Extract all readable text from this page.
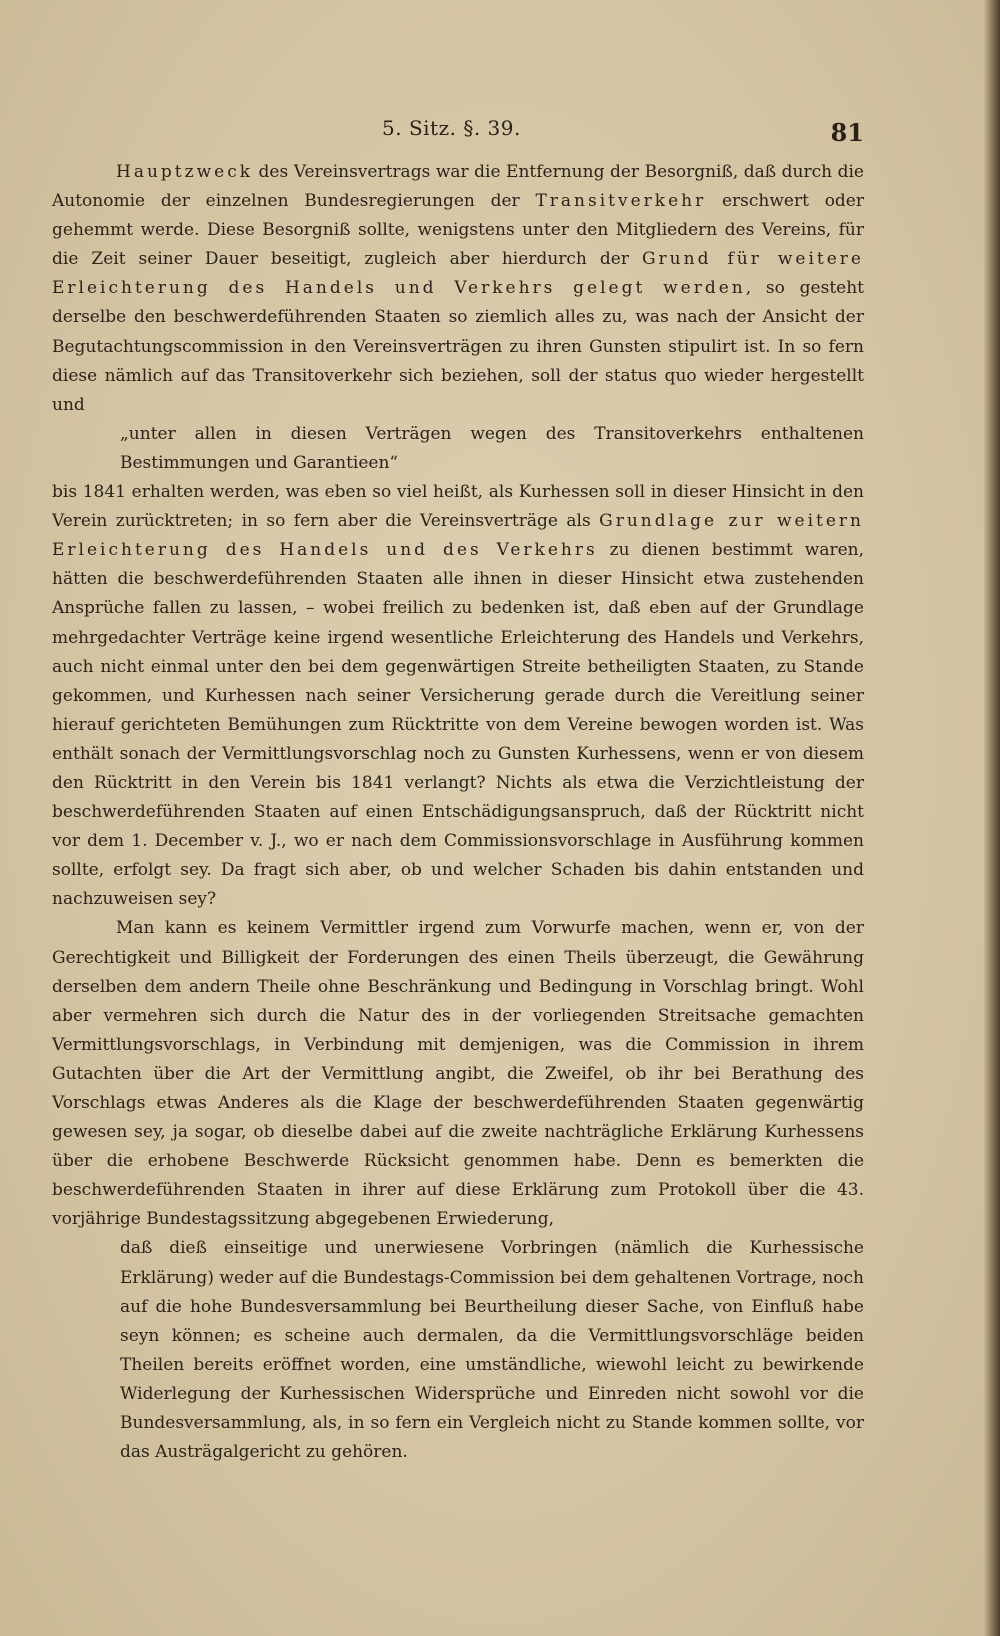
5. Sitz. §. 39.	81

Hauptzweck des Vereinsvertrags war die Entfernung der Besorgniß, daß durch die Autonomie der einzelnen Bundesregierungen der Transitverkehr erschwert oder gehemmt werde. Diese Besorgniß sollte, wenigstens unter den Mitgliedern des Vereins, für die Zeit seiner Dauer beseitigt, zugleich aber hierdurch der Grund für weitere Erleichterung des Handels und Verkehrs gelegt werden, so gesteht derselbe den beschwerdeführenden Staaten so ziemlich alles zu, was nach der Ansicht der Begutachtungscommission in den Vereinsverträgen zu ihren Gunsten stipulirt ist. In so fern diese nämlich auf das Transitoverkehr sich beziehen, soll der status quo wieder hergestellt und

„unter allen in diesen Verträgen wegen des Transitoverkehrs enthaltenen Bestimmungen und Garantieen“

bis 1841 erhalten werden, was eben so viel heißt, als Kurhessen soll in dieser Hinsicht in den Verein zurücktreten; in so fern aber die Vereinsverträge als Grundlage zur weitern Erleichterung des Handels und des Verkehrs zu dienen bestimmt waren, hätten die beschwerdeführenden Staaten alle ihnen in dieser Hinsicht etwa zustehenden Ansprüche fallen zu lassen, – wobei freilich zu bedenken ist, daß eben auf der Grundlage mehrgedachter Verträge keine irgend wesentliche Erleichterung des Handels und Verkehrs, auch nicht einmal unter den bei dem gegenwärtigen Streite betheiligten Staaten, zu Stande gekommen, und Kurhessen nach seiner Versicherung gerade durch die Vereitlung seiner hierauf gerichteten Bemühungen zum Rücktritte von dem Vereine bewogen worden ist. Was enthält sonach der Vermittlungsvorschlag noch zu Gunsten Kurhessens, wenn er von diesem den Rücktritt in den Verein bis 1841 verlangt? Nichts als etwa die Verzichtleistung der beschwerdeführenden Staaten auf einen Entschädigungsanspruch, daß der Rücktritt nicht vor dem 1. December v. J., wo er nach dem Commissionsvorschlage in Ausführung kommen sollte, erfolgt sey. Da fragt sich aber, ob und welcher Schaden bis dahin entstanden und nachzuweisen sey?

Man kann es keinem Vermittler irgend zum Vorwurfe machen, wenn er, von der Gerechtigkeit und Billigkeit der Forderungen des einen Theils überzeugt, die Gewährung derselben dem andern Theile ohne Beschränkung und Bedingung in Vorschlag bringt. Wohl aber vermehren sich durch die Natur des in der vorliegenden Streitsache gemachten Vermittlungsvorschlags, in Verbindung mit demjenigen, was die Commission in ihrem Gutachten über die Art der Vermittlung angibt, die Zweifel, ob ihr bei Berathung des Vorschlags etwas Anderes als die Klage der beschwerdeführenden Staaten gegenwärtig gewesen sey, ja sogar, ob dieselbe dabei auf die zweite nachträgliche Erklärung Kurhessens über die erhobene Beschwerde Rücksicht genommen habe. Denn es bemerkten die beschwerdeführenden Staaten in ihrer auf diese Erklärung zum Protokoll über die 43. vorjährige Bundestagssitzung abgegebenen Erwiederung,

daß dieß einseitige und unerwiesene Vorbringen (nämlich die Kurhessische Erklärung) weder auf die Bundestags-Commission bei dem gehaltenen Vortrage, noch auf die hohe Bundesversammlung bei Beurtheilung dieser Sache, von Einfluß habe seyn können; es scheine auch dermalen, da die Vermittlungsvorschläge beiden Theilen bereits eröffnet worden, eine umständliche, wiewohl leicht zu bewirkende Widerlegung der Kurhessischen Widersprüche und Einreden nicht sowohl vor die Bundesversammlung, als, in so fern ein Vergleich nicht zu Stande kommen sollte, vor das Austrägalgericht zu gehören.
